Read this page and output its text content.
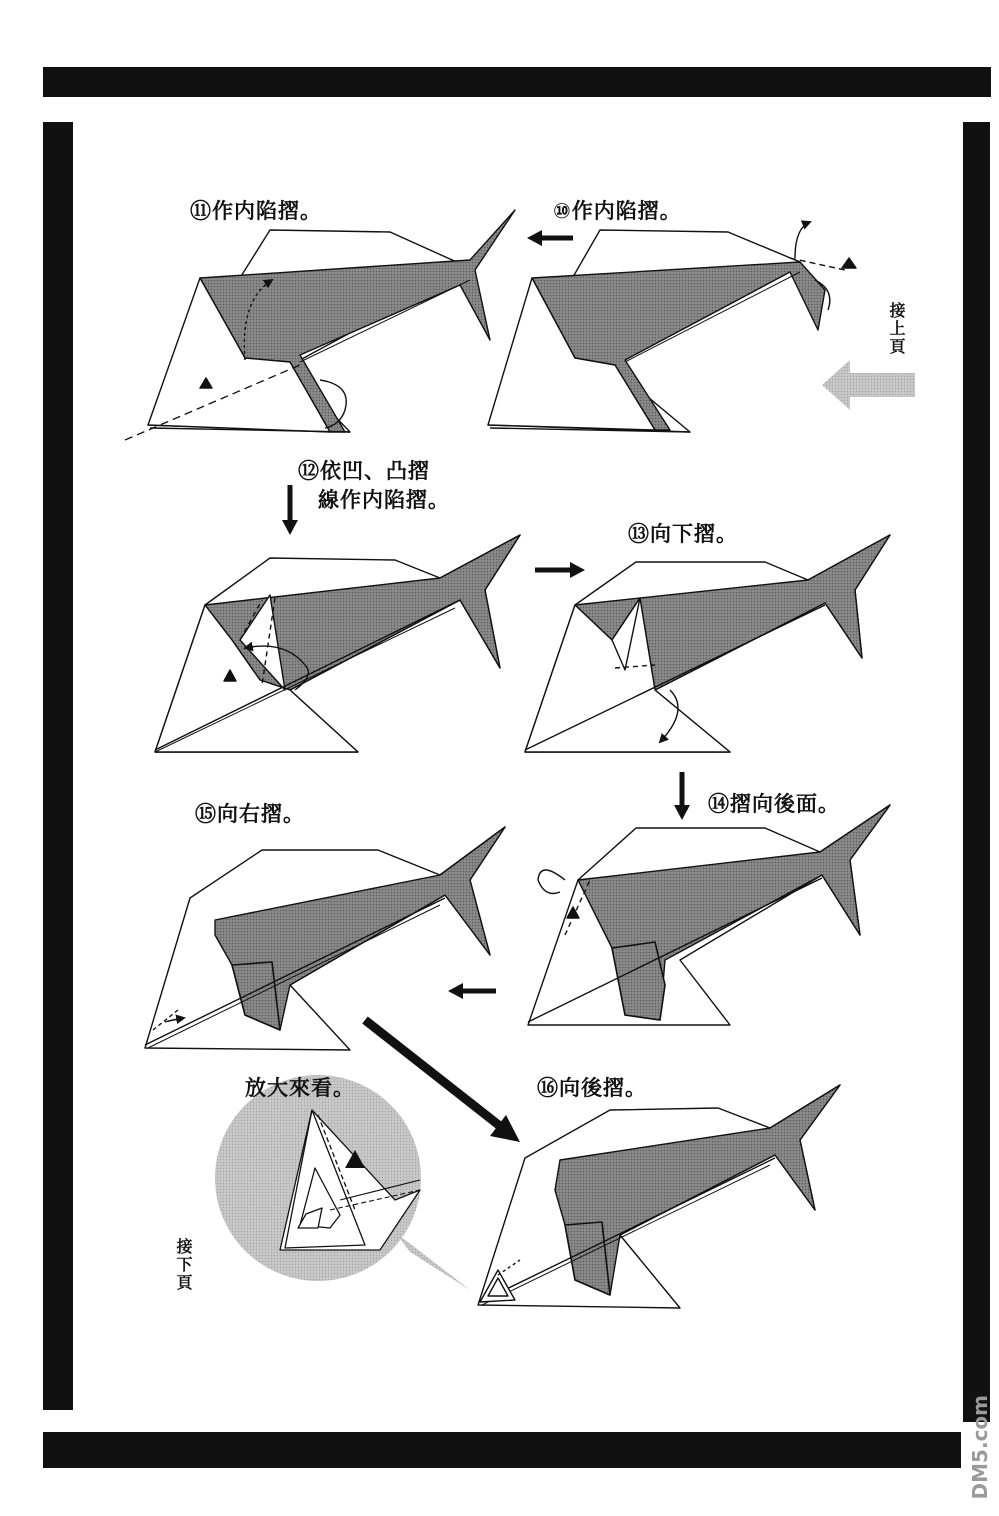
⑪作内陷摺。	⑩作内陷摺。
⑫依凹、凸摺
線作内陷摺。
⑬向下摺。
⑭摺向後面。
⑮向右摺。
放大來看。	⑯向後摺。
接上頁
接下頁
DM5.com
